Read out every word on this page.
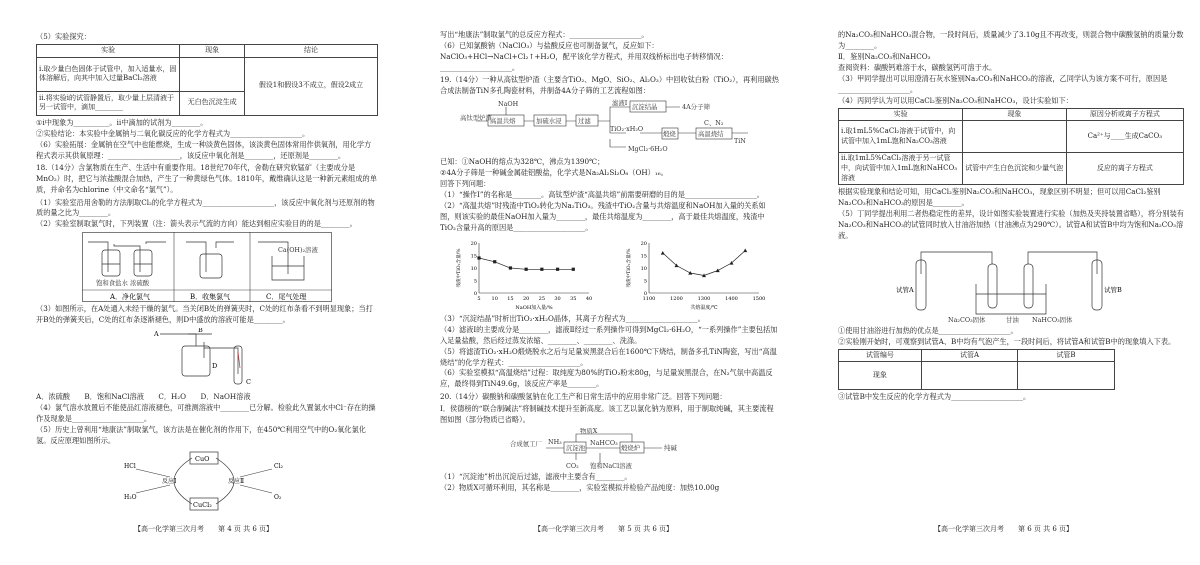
（5）实验探究：

实验	现象	结论
ⅰ.取少量白色固体于试管中，加入适量水，固体溶解后，向其中加入过量BaCl₂溶液		假设1和假设3不成立，假设2成立
ⅱ.将实验ⅰ的试管静置后，取少量上层清液于另一试管中，滴加________	无白色沉淀生成	

①ⅰ中现象为__________。ⅱ中滴加的试剂为________。

②实验结论：本实验中金属钠与二氧化碳反应的化学方程式为____________________。

（6）实验拓展：金属钠在空气中也能燃烧，生成一种淡黄色固体，该淡黄色固体常用作供氧剂，用化学方程式表示其供氧原理：____________________，该反应中氧化剂是________，还原剂是________。

18.（14分）含氯物质在生产、生活中有重要作用。18世纪70年代，舍勒在研究软锰矿（主要成分是MnO₂）时，把它与浓盐酸混合加热，产生了一种黄绿色气体。1810年，戴维确认这是一种新元素组成的单质，并命名为chlorine（中文命名“氯气”）。

（1）实验室沿用舍勒的方法制取Cl₂的化学方程式为____________________，该反应中氧化剂与还原剂的物质的量之比为________。

（2）实验室制取氯气时，下列装置（注：箭头表示气流的方向）能达到相应实验目的的是________。

饱和食盐水 浓硫酸
Ca(OH)₂溶液
A．净化氯气	B．收集氯气	C．尾气处理

（3）如图所示，在A处通入未经干燥的氯气。当关闭B处的弹簧夹时，C处的红布条看不到明显现象；当打开B处的弹簧夹后，C处的红布条逐渐褪色，则D中盛放的溶液可能是________。

A	B
C
D

A．浓硫酸　　 B．饱和NaCl溶液　　 C．H₂O　　 D．NaOH溶液

（4）氯气溶水放置后不能使品红溶液褪色，可推测溶液中________已分解。检验此久置氯水中Cl⁻存在的操作及现象是____________________。

（5）历史上曾利用“地康法”制取氯气，该方法是在催化剂的作用下，在450℃利用空气中的O₂氧化氯化氢。反应原理如图所示。

CuO
CuCl₂
反应Ⅰ	反应Ⅱ
HCl
H₂O
Cl₂
O₂

写出“地康法”制取氯气的总反应方程式：____________________。

（6）已知氯酸钠（NaClO₃）与盐酸反应也可制备氯气，反应如下：NaClO₃+HCl→NaCl+Cl₂↑+H₂O，配平该化学方程式，并用双线桥标出电子转移情况：____________________。

19.（14分）一种从高钛型炉渣（主要含TiO₂、MgO、SiO₂、Al₂O₃）中回收钛白粉（TiO₂），再利用碳热合成法制备TiN多孔陶瓷材料，并制备4A分子筛的工艺流程如图：

高钛型炉渣
NaOH
高温共熔	加硫水浸	过滤
滤液Ⅰ 沉淀结晶	4A分子筛
TiO₂·xH₂O
煅烧	高温烧结
TiN
C、N₂
MgCl₂·6H₂O

已知：①NaOH的熔点为328℃，沸点为1390℃；

②4A分子筛是一种碱金属硅铝酸盐，化学式是Na₂Al₂Si₂O₈（OH）₁₆。

回答下列问题：

（1）“操作Ⅰ”的名称是________。高钛型炉渣“高温共熔”前需要研磨的目的是____________________。

（2）“高温共熔”时残渣中TiO₂转化为Na₂TiO₃。残渣中TiO₂含量与共熔温度和NaOH加入量的关系如图，则该实验的最佳NaOH加入量为________，最佳共熔温度为________，高于最佳共熔温度，残渣中TiO₂含量升高的原因是____________________。

5 10 15 20 25 30 35 40
0
5
10
15
20
NaOH加入量/%
残渣中TiO₂含量/%
1100	1200	1300	1400	1500
0
5
10
15
20
共熔温度/℃
残渣中TiO₂含量/%

（3）“沉淀结晶”时析出TiO₂·xH₂O晶体，其离子方程式为____________________。

（4）滤液Ⅰ的主要成分是________，滤液Ⅱ经过一系列操作可得到MgCl₂·6H₂O，“一系列操作”主要包括加入足量盐酸，然后经过蒸发浓缩、________、________、洗涤。

（5）将滤渣TiO₂·xH₂O煅烧脱水之后与足量炭黑混合后在1600℃下烧结，制备多孔TiN陶瓷，写出“高温烧结”的化学方程式：____________________。

（6）实验室模拟“高温烧结”过程：取纯度为80%的TiO₂粉末80g，与足量炭黑混合，在N₂气氛中高温反应，最终得到TiN49.6g，该反应产率是________。

20.（14分）碳酸钠和碳酸氢钠在化工生产和日常生活中的应用非常广泛。回答下列问题：

Ⅰ．侯德榜的“联合制碱法”将制碱技术提升至新高度。该工艺以氯化钠为原料，用于制取纯碱，其主要流程图如图（部分物质已省略）。

物质X
合成氨工厂 NH₃	NaHCO₃
煅烧炉	纯碱
CO₂ 饱和NaCl溶液
沉淀池

（1）“沉淀池”析出沉淀后过滤，滤液中主要含有________。

（2）物质X可循环利用，其名称是________，实验室模拟并检验产品纯度：加热10.00g

的Na₂CO₃和NaHCO₃混合物，一段时间后，质量减少了3.10g且不再改变，则混合物中碳酸氢钠的质量分数为________。

Ⅱ．鉴别Na₂CO₃和NaHCO₃

查阅资料：碳酸钙难溶于水，碳酸氢钙可溶于水。

（3）甲同学提出可以用澄清石灰水鉴别Na₂CO₃和NaHCO₃的溶液，乙同学认为该方案不可行，原因是____________________。

（4）丙同学认为可以用CaCl₂鉴别Na₂CO₃和NaHCO₃，设计实验如下：

实验	现象	原因分析或离子方程式
ⅰ.取1mL5%CaCl₂溶液于试管中，向试管中加入1mL饱和Na₂CO₃溶液		Ca²⁺与____生成CaCO₃
ⅱ.取1mL5%CaCl₂溶液于另一试管中，向试管中加入1mL饱和NaHCO₃溶液	试管中产生白色沉淀和少量气泡	反应的离子方程式

根据实验现象和结论可知，用CaCl₂鉴别Na₂CO₃和NaHCO₃，现象区别不明显；但可以用CaCl₂鉴别Na₂CO₃和NaHCO₃的原因是________。

（5）丁同学提出利用二者热稳定性的差异，设计如图实验装置进行实验（加热及夹持装置省略），将分别装有Na₂CO₃和NaHCO₃的试管同时放入甘油浴加热（甘油沸点为290℃）。试管A和试管B中均为饱和Na₂CO₃溶液。

试管A	试管B
Na₂CO₃固体	甘油 NaHCO₃固体

①使用甘油浴进行加热的优点是____________________。

②实验刚开始时，可观察到试管A、B中均有气泡产生，一段时间后，将试管A和试管B中的现象填入下表。

试管编号	试管A	试管B
现象		

③试管B中发生反应的化学方程式为____________________。

【高一化学第三次月考　　第 4 页 共 6 页】	【高一化学第三次月考　　第 5 页 共 6 页】	【高一化学第三次月考　　第 6 页 共 6 页】
